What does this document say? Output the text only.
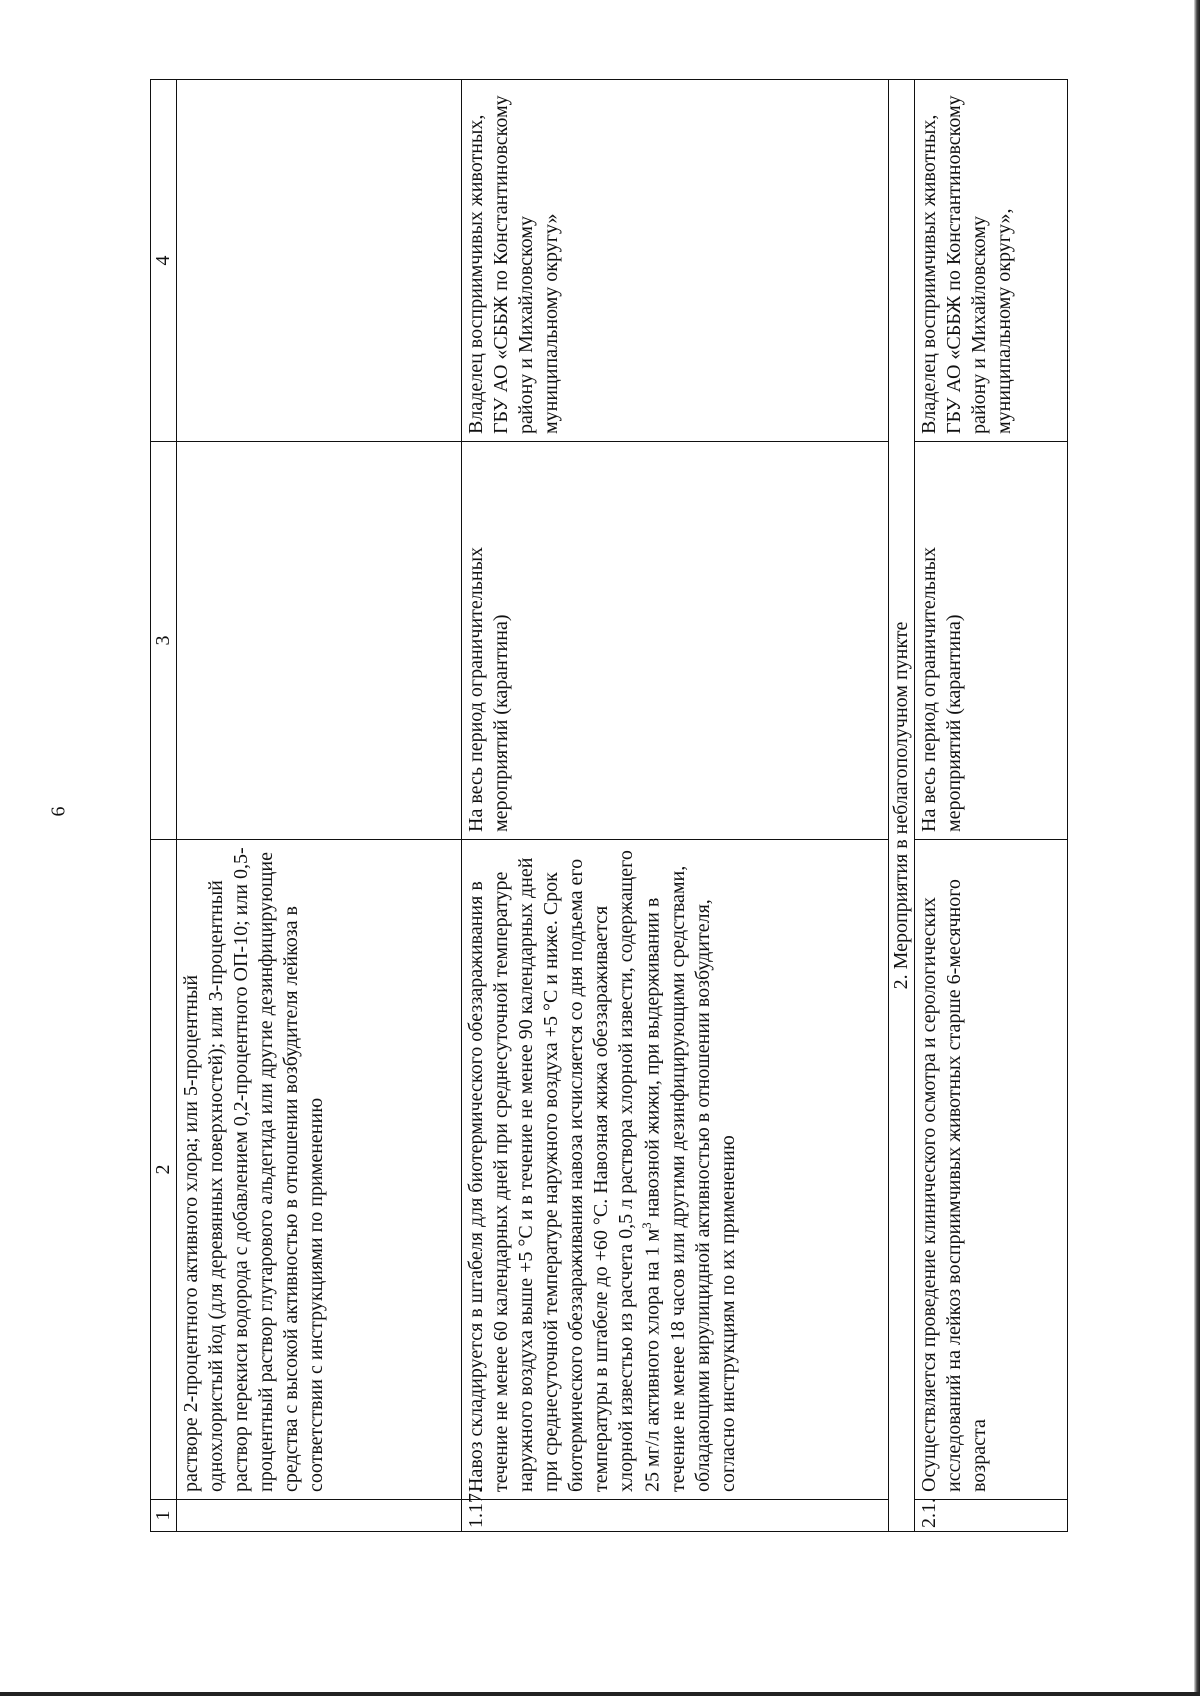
6
1	2	3	4
	растворе 2-процентного активного хлора; или 5-процентный однохлористый йод (для деревянных поверхностей); или 3-процентный раствор перекиси водорода с добавлением 0,2-процентного ОП-10; или 0,5-процентный раствор глутарового альдегида или другие дезинфицирующие средства с высокой активностью в отношении возбудителя лейкоза в соответствии с инструкциями по применению		
1.17.	Навоз складируется в штабеля для биотермического обеззараживания в течение не менее 60 календарных дней при среднесуточной температуре наружного воздуха выше +5 °С и в течение не менее 90 календарных дней при среднесуточной температуре наружного воздуха +5 °С и ниже. Срок биотермического обеззараживания навоза исчисляется со дня подъема его температуры в штабеле до +60 °С. Навозная жижа обеззараживается хлорной известью из расчета 0,5 л раствора хлорной извести, содержащего 25 мг/л активного хлора на 1 $м^3$ навозной жижи, при выдерживании в течение не менее 18 часов или другими дезинфицирующими средствами, обладающими вирулицидной активностью в отношении возбудителя, согласно инструкциям по их применению	На весь период ограничительных мероприятий (карантина)	Владелец восприимчивых животных, ГБУ АО «СББЖ по Константиновскому району и Михайловскому муниципальному округу»
2. Мероприятия в неблагополучном пункте			
2.1.	Осуществляется проведение клинического осмотра и серологических исследований на лейкоз восприимчивых животных старше 6-месячного возраста	На весь период ограничительных мероприятий (карантина)	Владелец восприимчивых животных, ГБУ АО «СББЖ по Константиновскому району и Михайловскому муниципальному округу»,
